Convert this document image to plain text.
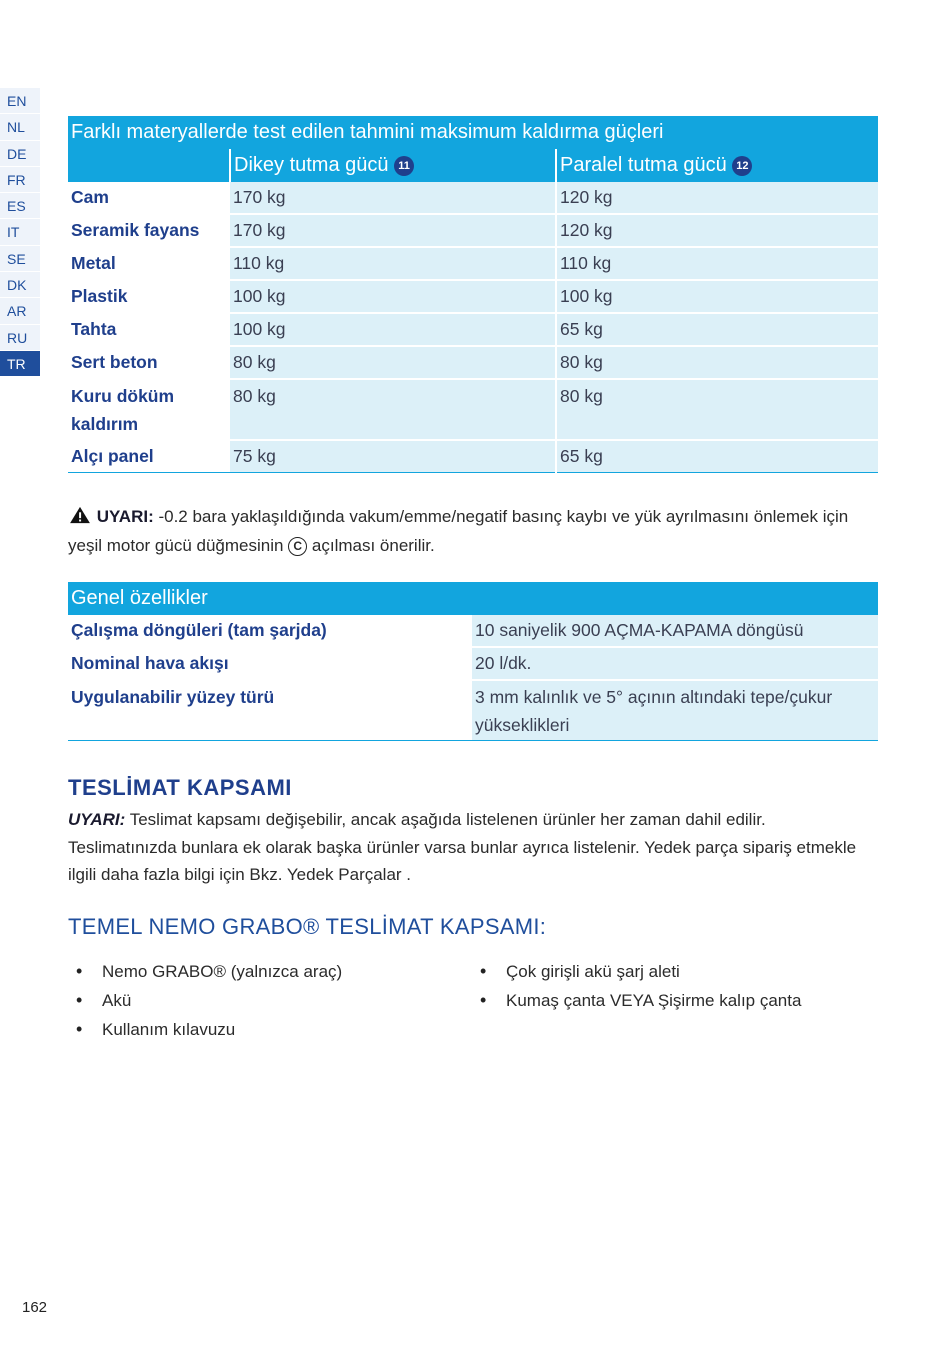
EN
NL
DE
FR
ES
IT
SE
DK
AR
RU
TR
Farklı materyallerde test edilen tahmini maksimum kaldırma güçleri		
	Dikey tutma gücü 11	Paralel tutma gücü 12
Cam	170 kg	120 kg
Seramik fayans	170 kg	120 kg
Metal	110 kg	110 kg
Plastik	100 kg	100 kg
Tahta	100 kg	65 kg
Sert beton	80 kg	80 kg
Kuru döküm kaldırım	80 kg	80 kg
Alçı panel	75 kg	65 kg
UYARI: -0.2 bara yaklaşıldığında vakum/emme/negatif basınç kaybı ve yük ayrılmasını önlemek için yeşil motor gücü düğmesinin C açılması önerilir.
Genel özellikler	
Çalışma döngüleri (tam şarjda)	10 saniyelik 900 AÇMA-KAPAMA döngüsü
Nominal hava akışı	20 l/dk.
Uygulanabilir yüzey türü	3 mm kalınlık ve 5° açının altındaki tepe/çukur yükseklikleri
TESLİMAT KAPSAMI
UYARI: Teslimat kapsamı değişebilir, ancak aşağıda listelenen ürünler her zaman dahil edilir. Teslimatınızda bunlara ek olarak başka ürünler varsa bunlar ayrıca listelenir. Yedek parça sipariş etmekle ilgili daha fazla bilgi için Bkz. Yedek Parçalar .
TEMEL NEMO GRABO® TESLİMAT KAPSAMI:
• Nemo GRABO® (yalnızca araç)
• Akü
• Kullanım kılavuzu
• Çok girişli akü şarj aleti
• Kumaş çanta VEYA Şişirme kalıp çanta
162
